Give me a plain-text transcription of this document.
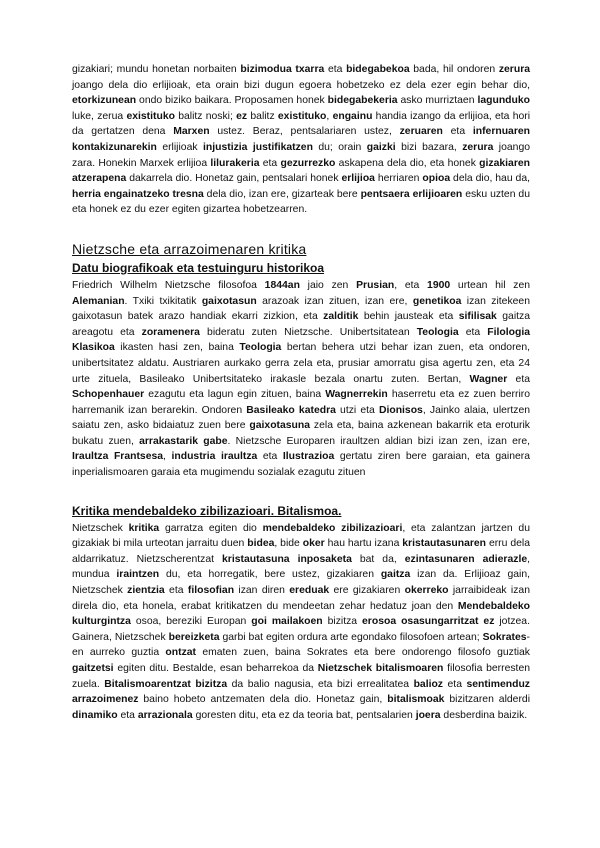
gizakiari; mundu honetan norbaiten bizimodua txarra eta bidegabekoa bada, hil ondoren zerura joango dela dio erlijioak, eta orain bizi dugun egoera hobetzeko ez dela ezer egin behar dio, etorkizunean ondo biziko baikara. Proposamen honek bidegabekeria asko murriztaen lagunduko luke, zerua existituko balitz noski; ez balitz existituko, engainu handia izango da erlijioa, eta hori da gertatzen dena Marxen ustez. Beraz, pentsalariaren ustez, zeruaren eta infernuaren kontakizunarekin erlijioak injustizia justifikatzen du; orain gaizki bizi bazara, zerura joango zara. Honekin Marxek erlijioa lilurakeria eta gezurrezko askapena dela dio, eta honek gizakiaren atzerapena dakarrela dio. Honetaz gain, pentsalari honek erlijioa herriaren opioa dela dio, hau da, herria engainatzeko tresna dela dio, izan ere, gizarteak bere pentsaera erlijioaren esku uzten du eta honek ez du ezer egiten gizartea hobetzearren.

Nietzsche eta arrazoimenaren kritika
Datu biografikoak eta testuinguru historikoa

Friedrich Wilhelm Nietzsche filosofoa 1844an jaio zen Prusian, eta 1900 urtean hil zen Alemanian. Txiki txikitatik gaixotasun arazoak izan zituen, izan ere, genetikoa izan zitekeen gaixotasun batek arazo handiak ekarri zizkion, eta zalditik behin jausteak eta sifilisak gaitza areagotu eta zoramenera bideratu zuten Nietzsche. Unibertsitatean Teologia eta Filologia Klasikoa ikasten hasi zen, baina Teologia bertan behera utzi behar izan zuen, eta ondoren, unibertsitatez aldatu. Austriaren aurkako gerra zela eta, prusiar amorratu gisa agertu zen, eta 24 urte zituela, Basileako Unibertsitateko irakasle bezala onartu zuten. Bertan, Wagner eta Schopenhauer ezagutu eta lagun egin zituen, baina Wagnerrekin haserretu eta ez zuen berriro harremanik izan berarekin. Ondoren Basileako katedra utzi eta Dionisos, Jainko alaia, ulertzen saiatu zen, asko bidaiatuz zuen bere gaixotasuna zela eta, baina azkenean bakarrik eta eroturik bukatu zuen, arrakastarik gabe. Nietzsche Europaren iraultzen aldian bizi izan zen, izan ere, Iraultza Frantsesa, industria iraultza eta Ilustrazioa gertatu ziren bere garaian, eta gainera inperialismoaren garaia eta mugimendu sozialak ezagutu zituen

Kritika mendebaldeko zibilizazioari. Bitalismoa.

Nietzschek kritika garratza egiten dio mendebaldeko zibilizazioari, eta zalantzan jartzen du gizakiak bi mila urteotan jarraitu duen bidea, bide oker hau hartu izana kristautasunaren erru dela aldarrikatuz. Nietzscherentzat kristautasuna inposaketa bat da, ezintasunaren adierazle, mundua iraintzen du, eta horregatik, bere ustez, gizakiaren gaitza izan da. Erlijioaz gain, Nietzschek zientzia eta filosofian izan diren ereduak ere gizakiaren okerreko jarraibideak izan direla dio, eta honela, erabat kritikatzen du mendeetan zehar hedatuz joan den Mendebaldeko kulturgintza osoa, bereziki Europan goi mailakoen bizitza erosoa osasungarritzat ez jotzea. Gainera, Nietzschek bereizketa garbi bat egiten ordura arte egondako filosofoen artean; Sokrates-en aurreko guztia ontzat ematen zuen, baina Sokrates eta bere ondorengo filosofo guztiak gaitzetsi egiten ditu. Bestalde, esan beharrekoa da Nietzschek bitalismoaren filosofia berresten zuela. Bitalismoarentzat bizitza da balio nagusia, eta bizi errealitatea balioz eta sentimenduz arrazoimenez baino hobeto antzematen dela dio. Honetaz gain, bitalismoak bizitzaren alderdi dinamiko eta arrazionala goresten ditu, eta ez da teoria bat, pentsalarien joera desberdina baizik.
